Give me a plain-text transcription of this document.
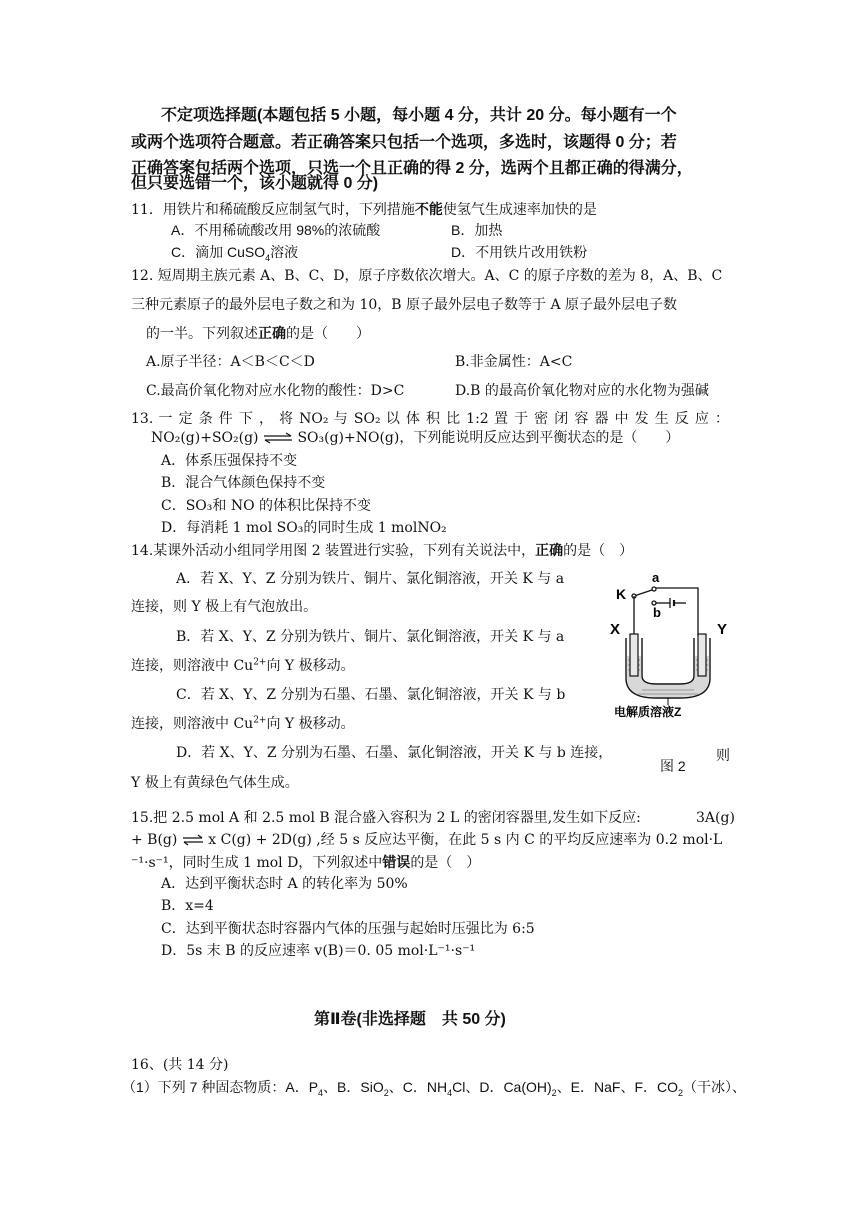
不定项选择题(本题包括 5 小题，每小题 4 分，共计 20 分。每小题有一个
或两个选项符合题意。若正确答案只包括一个选项，多选时，该题得 0 分；若
正确答案包括两个选项，只选一个且正确的得 2 分，选两个且都正确的得满分，
但只要选错一个，该小题就得 0 分)
11．用铁片和稀硫酸反应制氢气时，下列措施不能使氢气生成速率加快的是
A．不用稀硫酸改用 98%的浓硫酸	B．加热
C．滴加 CuSO$_4$溶液	D．不用铁片改用铁粉
12. 短周期主族元素 A、B、C、D，原子序数依次增大。A、C 的原子序数的差为 8，A、B、C
三种元素原子的最外层电子数之和为 10，B 原子最外层电子数等于 A 原子最外层电子数
的一半。下列叙述正确的是（　　）
A.原子半径：A＜B＜C＜D	B.非金属性：A<C
C.最高价氧化物对应水化物的酸性：D>C	D.B 的最高价氧化物对应的水化物为强碱
13. 一 定 条 件 下 ， 将 NO₂ 与 SO₂ 以 体 积 比 1:2 置 于 密 闭 容 器 中 发 生 反 应 ：
NO₂(g)+SO₂(g) ⇌ SO₃(g)+NO(g)，下列能说明反应达到平衡状态的是（　　）
A．体系压强保持不变
B．混合气体颜色保持不变
C．SO₃和 NO 的体积比保持不变
D．每消耗 1 mol SO₃的同时生成 1 molNO₂
14.某课外活动小组同学用图 2 装置进行实验，下列有关说法中，正确的是（　）
A．若 X、Y、Z 分别为铁片、铜片、氯化铜溶液，开关 K 与 a
连接，则 Y 极上有气泡放出。
B．若 X、Y、Z 分别为铁片、铜片、氯化铜溶液，开关 K 与 a
连接，则溶液中 $Cu^{2+}$向 Y 极移动。
C．若 X、Y、Z 分别为石墨、石墨、氯化铜溶液，开关 K 与 b
连接，则溶液中 $Cu^{2+}$向 Y 极移动。
D．若 X、Y、Z 分别为石墨、石墨、氯化铜溶液，开关 K 与 b 连接，	则
Y 极上有黄绿色气体生成。
a
K
b
X	Y
电解质溶液Z
图 2
15.把 2.5 mol A 和 2.5 mol B 混合盛入容积为 2 L 的密闭容器里,发生如下反应:	3A(g)
+ B(g) ⇌ x C(g) + 2D(g) ,经 5 s 反应达平衡，在此 5 s 内 C 的平均反应速率为 0.2 mol·L
⁻¹·s⁻¹，同时生成 1 mol D，下列叙述中错误的是（　）
A．达到平衡状态时 A 的转化率为 50%
B．x=4
C．达到平衡状态时容器内气体的压强与起始时压强比为 6:5
D．5s 末 B 的反应速率 v(B)＝0. 05 mol·L⁻¹·s⁻¹
第Ⅱ卷(非选择题　共 50 分)
16、(共 14 分)
（1）下列 7 种固态物质：A．$P_4$、B．SiO$_2$、C．$NH_4Cl$、D．$Ca(OH)_2$、E．NaF、F．$CO_2$（干冰）、
